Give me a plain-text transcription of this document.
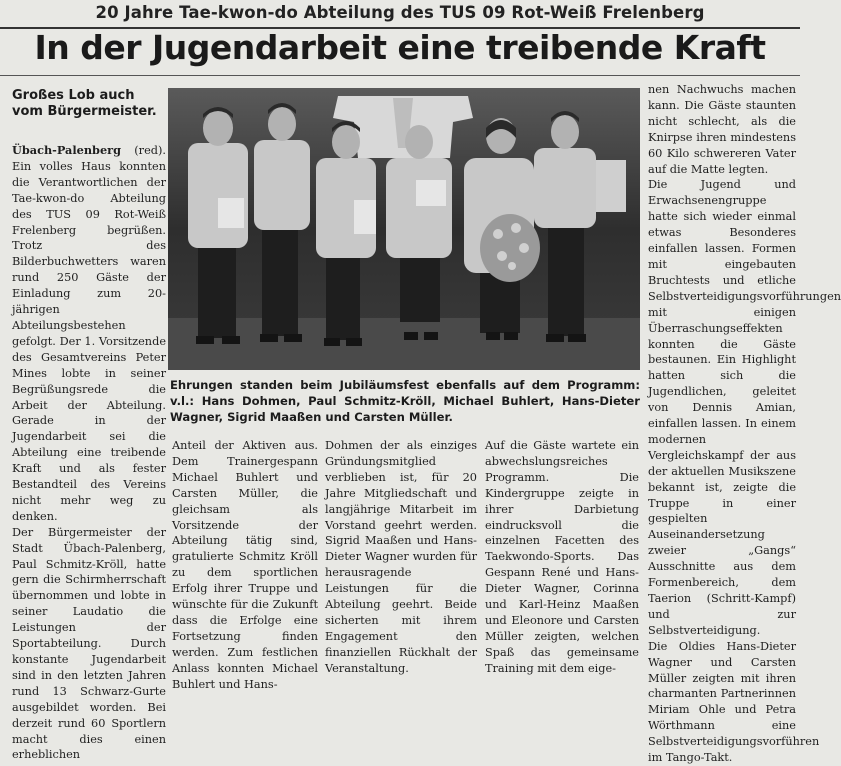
20 Jahre Tae-kwon-do Abteilung des TUS 09 Rot-Weiß Frelenberg
In der Jugendarbeit eine treibende Kraft
Großes Lob auch vom Bürgermeister.

Übach-Palenberg (red). Ein volles Haus konnten die Verantwortlichen der Tae-kwon-do Abteilung des TUS 09 Rot-Weiß Frelenberg begrüßen. Trotz des Bilderbuchwetters waren rund 250 Gäste der Einladung zum 20-jährigen Abteilungsbestehen gefolgt. Der 1. Vorsitzende des Gesamtvereins Peter Mines lobte in seiner Begrüßungsrede die Arbeit der Abteilung. Gerade in der Jugendarbeit sei die Abteilung eine treibende Kraft und als fester Bestandteil des Vereins nicht mehr weg zu denken.

Der Bürgermeister der Stadt Übach-Palenberg, Paul Schmitz-Kröll, hatte gern die Schirmherrschaft übernommen und lobte in seiner Laudatio die Leistungen der Sportabteilung. Durch konstante Jugendarbeit sind in den letzten Jahren rund 13 Schwarz-Gurte ausgebildet worden. Bei derzeit rund 60 Sportlern macht dies einen erheblichen

Ehrungen standen beim Jubiläumsfest ebenfalls auf dem Programm: v.l.: Hans Dohmen, Paul Schmitz-Kröll, Michael Buhlert, Hans-Dieter Wagner, Sigrid Maaßen und Carsten Müller.

Anteil der Aktiven aus. Dem Trainergespann Michael Buhlert und Carsten Müller, die gleichsam als Vorsitzende der Abteilung tätig sind, gratulierte Schmitz Kröll zu dem sportlichen Erfolg ihrer Truppe und wünschte für die Zukunft dass die Erfolge eine Fortsetzung finden werden. Zum festlichen Anlass konnten Michael Buhlert und Hans-

Dohmen der als einziges Gründungsmitglied verblieben ist, für 20 Jahre Mitgliedschaft und langjährige Mitarbeit im Vorstand geehrt werden. Sigrid Maaßen und Hans-Dieter Wagner wurden für herausragende Leistungen für die Abteilung geehrt. Beide sicherten mit ihrem Engagement den finanziellen Rückhalt der Veranstaltung.

Auf die Gäste wartete ein abwechslungsreiches Programm. Die Kindergruppe zeigte in ihrer Darbietung eindrucksvoll die einzelnen Facetten des Taekwondo-Sports. Das Gespann René und Hans-Dieter Wagner, Corinna und Karl-Heinz Maaßen und Eleonore und Carsten Müller zeigten, welchen Spaß das gemeinsame Training mit dem eige-

nen Nachwuchs machen kann. Die Gäste staunten nicht schlecht, als die Knirpse ihren mindestens 60 Kilo schwereren Vater auf die Matte legten.

Die Jugend und Erwachsenengruppe hatte sich wieder einmal etwas Besonderes einfallen lassen. Formen mit eingebauten Bruchtests und etliche Selbstverteidigungsvorführungen mit einigen Überraschungseffekten konnten die Gäste bestaunen. Ein Highlight hatten sich die Jugendlichen, geleitet von Dennis Amian, einfallen lassen. In einem modernen Vergleichskampf der aus der aktuellen Musikszene bekannt ist, zeigte die Truppe in einer gespielten Auseinandersetzung zweier „Gangs“ Ausschnitte aus dem Formenbereich, dem Taerion (Schritt-Kampf) und zur Selbstverteidigung.

Die Oldies Hans-Dieter Wagner und Carsten Müller zeigten mit ihren charmanten Partnerinnen Miriam Ohle und Petra Wörthmann eine Selbstverteidigungsvorführen im Tango-Takt.
